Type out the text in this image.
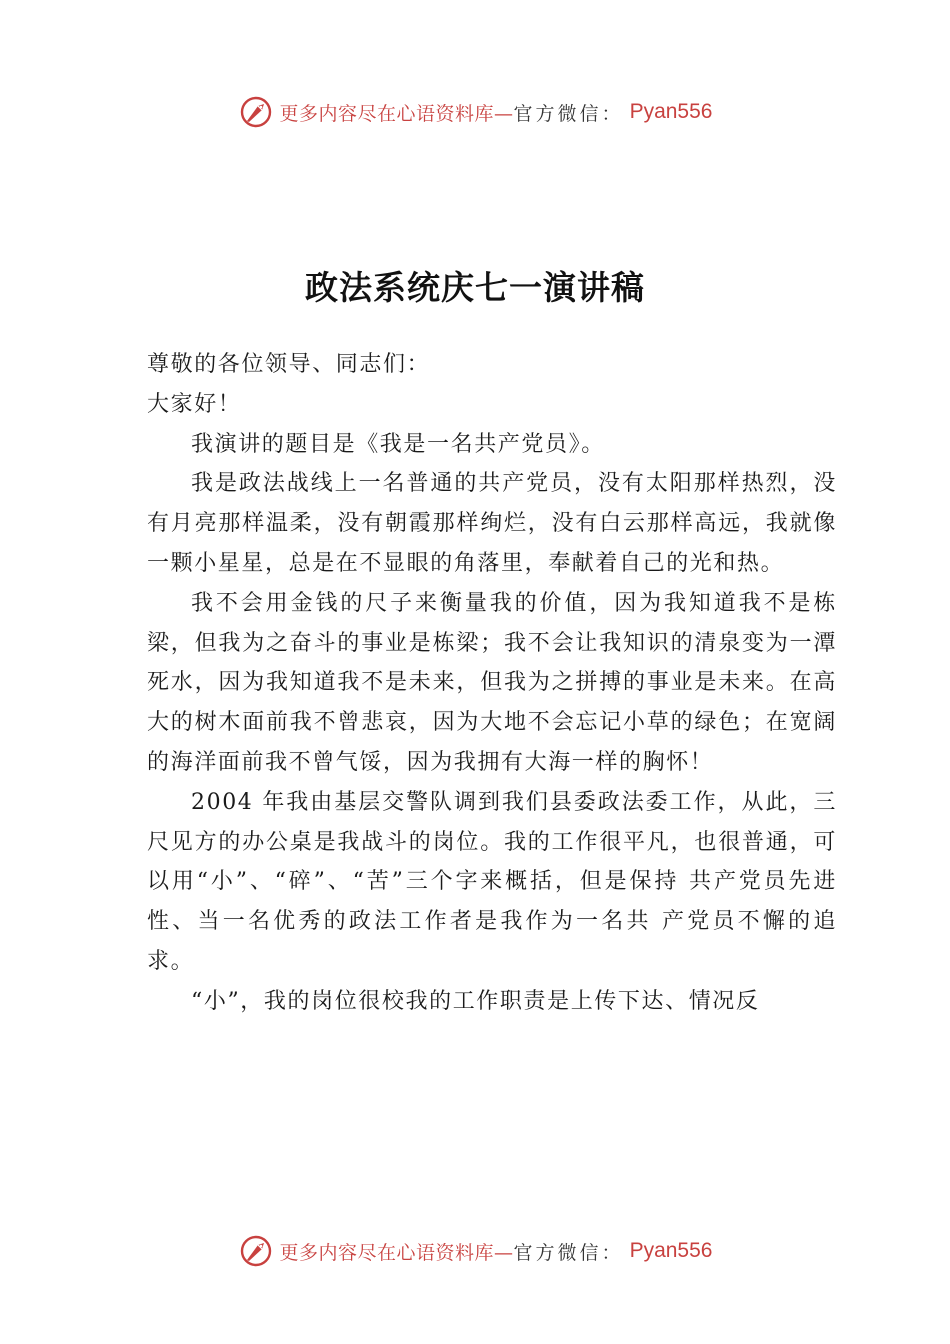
更多内容尽在心语资料库—官方微信： Pyan556
政法系统庆七一演讲稿

尊敬的各位领导、同志们：

大家好！

我演讲的题目是《我是一名共产党员》。

我是政法战线上一名普通的共产党员，没有太阳那样热烈，没有月亮那样温柔，没有朝霞那样绚烂，没有白云那样高远，我就像一颗小星星，总是在不显眼的角落里，奉献着自己的光和热。

我不会用金钱的尺子来衡量我的价值，因为我知道我不是栋梁，但我为之奋斗的事业是栋梁；我不会让我知识的清泉变为一潭死水，因为我知道我不是未来，但我为之拼搏的事业是未来。在高大的树木面前我不曾悲哀，因为大地不会忘记小草的绿色；在宽阔的海洋面前我不曾气馁，因为我拥有大海一样的胸怀！

2004 年我由基层交警队调到我们县委政法委工作，从此，三尺见方的办公桌是我战斗的岗位。我的工作很平凡，也很普通，可以用“小”、“碎”、“苦”三个字来概括，但是保持 共产党员先进性、当一名优秀的政法工作者是我作为一名共 产党员不懈的追求。

“小”，我的岗位很校我的工作职责是上传下达、情况反

更多内容尽在心语资料库—官方微信： Pyan556
